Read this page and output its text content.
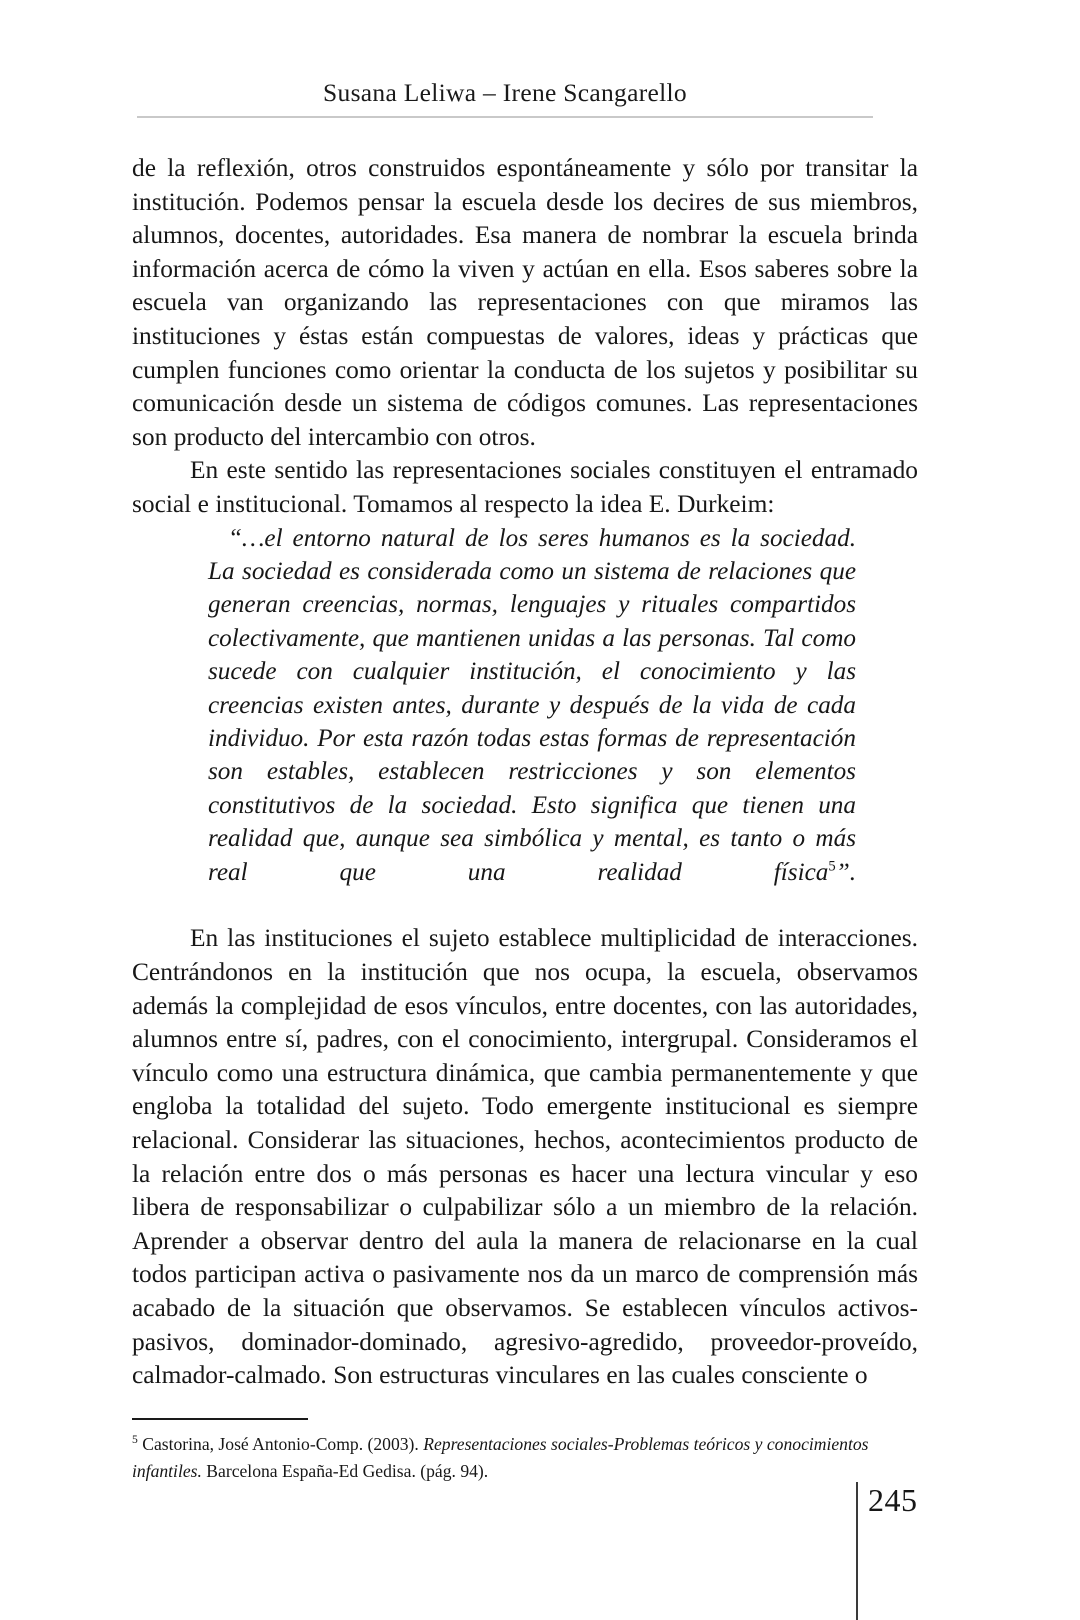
Susana Leliwa – Irene Scangarello

de la reflexión, otros construidos espontáneamente y sólo por transitar la institución. Podemos pensar la escuela desde los decires de sus miembros, alumnos, docentes, autoridades. Esa manera de nombrar la escuela brinda información acerca de cómo la viven y actúan en ella. Esos saberes sobre la escuela van organizando las representaciones con que miramos las instituciones y éstas están compuestas de valores, ideas y prácticas que cumplen funciones como orientar la conducta de los sujetos y posibilitar su comunicación desde un sistema de códigos comunes. Las representaciones son producto del intercambio con otros.

En este sentido las representaciones sociales constituyen el entramado social e institucional. Tomamos al respecto la idea E. Durkeim:

“…el entorno natural de los seres humanos es la sociedad. La sociedad es considerada como un sistema de relaciones que generan creencias, normas, lenguajes y rituales compartidos colectivamente, que mantienen unidas a las personas. Tal como sucede con cualquier institución, el conocimiento y las creencias existen antes, durante y después de la vida de cada individuo. Por esta razón todas estas formas de representación son estables, establecen restricciones y son elementos constitutivos de la sociedad. Esto significa que tienen una realidad que, aunque sea simbólica y mental, es tanto o más real que una realidad física$^5$”.

En las instituciones el sujeto establece multiplicidad de interacciones. Centrándonos en la institución que nos ocupa, la escuela, observamos además la complejidad de esos vínculos, entre docentes, con las autoridades, alumnos entre sí, padres, con el conocimiento, intergrupal. Consideramos el vínculo como una estructura dinámica, que cambia permanentemente y que engloba la totalidad del sujeto. Todo emergente institucional es siempre relacional. Considerar las situaciones, hechos, acontecimientos producto de la relación entre dos o más personas es hacer una lectura vincular y eso libera de responsabilizar o culpabilizar sólo a un miembro de la relación. Aprender a observar dentro del aula la manera de relacionarse en la cual todos participan activa o pasivamente nos da un marco de comprensión más acabado de la situación que observamos. Se establecen vínculos activos-pasivos, dominador-dominado, agresivo-agredido, proveedor-proveído, calmador-calmado. Son estructuras vinculares en las cuales consciente o

$^5$ Castorina, José Antonio-Comp. (2003). Representaciones sociales-Problemas teóricos y conocimientos infantiles. Barcelona España-Ed Gedisa. (pág. 94).

245
